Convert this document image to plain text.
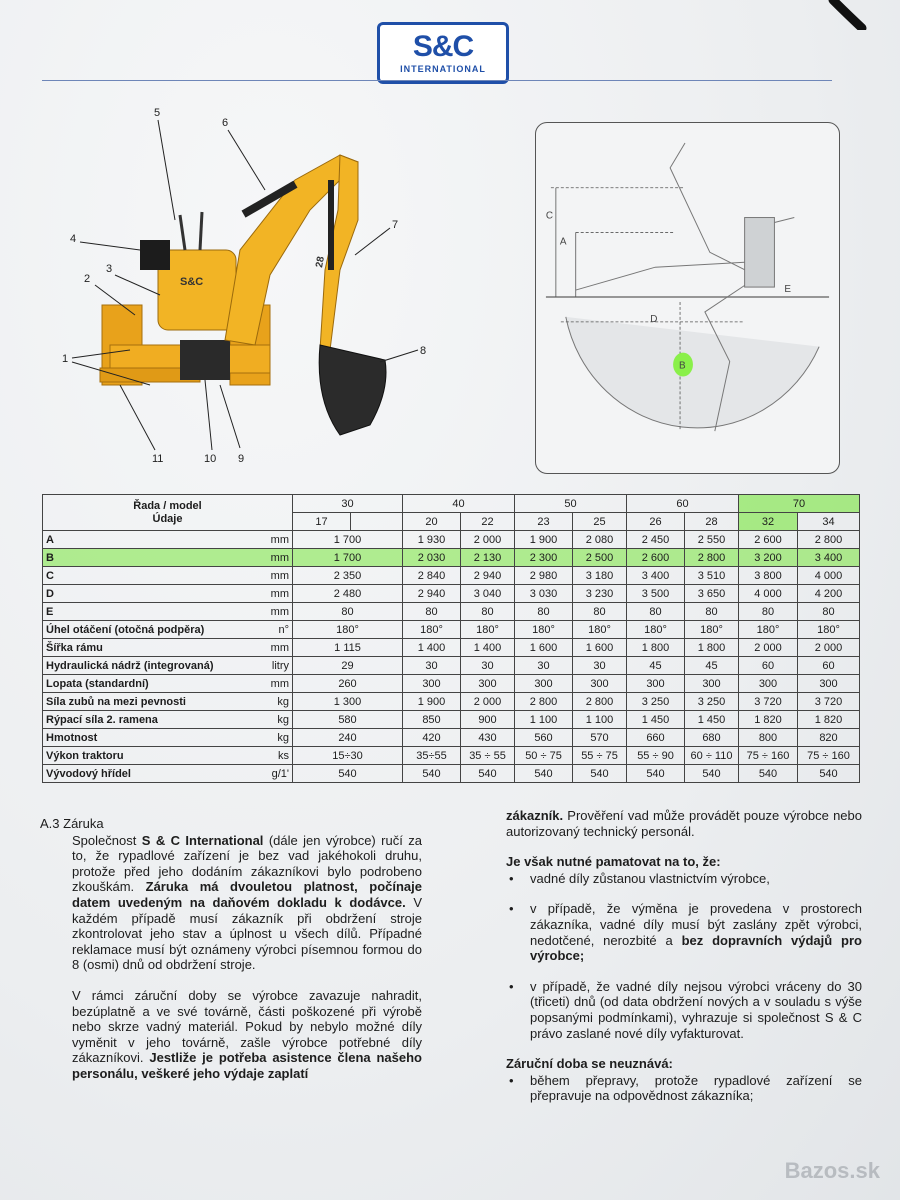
S&C
INTERNATIONAL
S&C
28
1
2
3
4
5
6
7
8
9
10
11
C
A
D
E
B
Řada / model
Údaje		30		40		50		60		70	
		17		20	22	23	25	26	28	32	34
A	mm	1 700		1 930	2 000	1 900	2 080	2 450	2 550	2 600	2 800
B	mm	1 700		2 030	2 130	2 300	2 500	2 600	2 800	3 200	3 400
C	mm	2 350		2 840	2 940	2 980	3 180	3 400	3 510	3 800	4 000
D	mm	2 480		2 940	3 040	3 030	3 230	3 500	3 650	4 000	4 200
E	mm	80		80	80	80	80	80	80	80	80
Úhel otáčení (otočná podpěra)	n°	180°		180°	180°	180°	180°	180°	180°	180°	180°
Šířka rámu	mm	1 115		1 400	1 400	1 600	1 600	1 800	1 800	2 000	2 000
Hydraulická nádrž (integrovaná)	litry	29		30	30	30	30	45	45	60	60
Lopata (standardní)	mm	260		300	300	300	300	300	300	300	300
Síla zubů na mezi pevnosti	kg	1 300		1 900	2 000	2 800	2 800	3 250	3 250	3 720	3 720
Rýpací síla 2. ramena	kg	580		850	900	1 100	1 100	1 450	1 450	1 820	1 820
Hmotnost	kg	240		420	430	560	570	660	680	800	820
Výkon traktoru	ks	15÷30		35÷55	35 ÷ 55	50 ÷ 75	55 ÷ 75	55 ÷ 90	60 ÷ 110	75 ÷ 160	75 ÷ 160
Vývodový hřídel	g/1'	540		540	540	540	540	540	540	540	540
A.3 Záruka

Společnost S & C International (dále jen výrobce) ručí za to, že rypadlové zařízení je bez vad jakéhokoli druhu, protože před jeho dodáním zákazníkovi bylo podrobeno zkouškám. Záruka má dvouletou platnost, počínaje datem uvedeným na daňovém dokladu k dodávce. V každém případě musí zákazník při obdržení stroje zkontrolovat jeho stav a úplnost u všech dílů. Případné reklamace musí být oznámeny výrobci písemnou formou do 8 (osmi) dnů od obdržení stroje.

V rámci záruční doby se výrobce zavazuje nahradit, bezúplatně a ve své továrně, části poškozené při výrobě nebo skrze vadný materiál. Pokud by nebylo možné díly vyměnit v jeho továrně, zašle výrobce potřebné díly zákazníkovi. Jestliže je potřeba asistence člena našeho personálu, veškeré jeho výdaje zaplatí

zákazník. Prověření vad může provádět pouze výrobce nebo autorizovaný technický personál.

Je však nutné pamatovat na to, že:
• vadné díly zůstanou vlastnictvím výrobce,
• v případě, že výměna je provedena v prostorech zákazníka, vadné díly musí být zaslány zpět výrobci, nedotčené, nerozbité a bez dopravních výdajů pro výrobce;
• v případě, že vadné díly nejsou výrobci vráceny do 30 (třiceti) dnů (od data obdržení nových a v souladu s výše popsanými podmínkami), vyhrazuje si společnost S & C právo zaslané nové díly vyfakturovat.
Záruční doba se neuznává:
• během přepravy, protože rypadlové zařízení se přepravuje na odpovědnost zákazníka;
Bazos.sk
